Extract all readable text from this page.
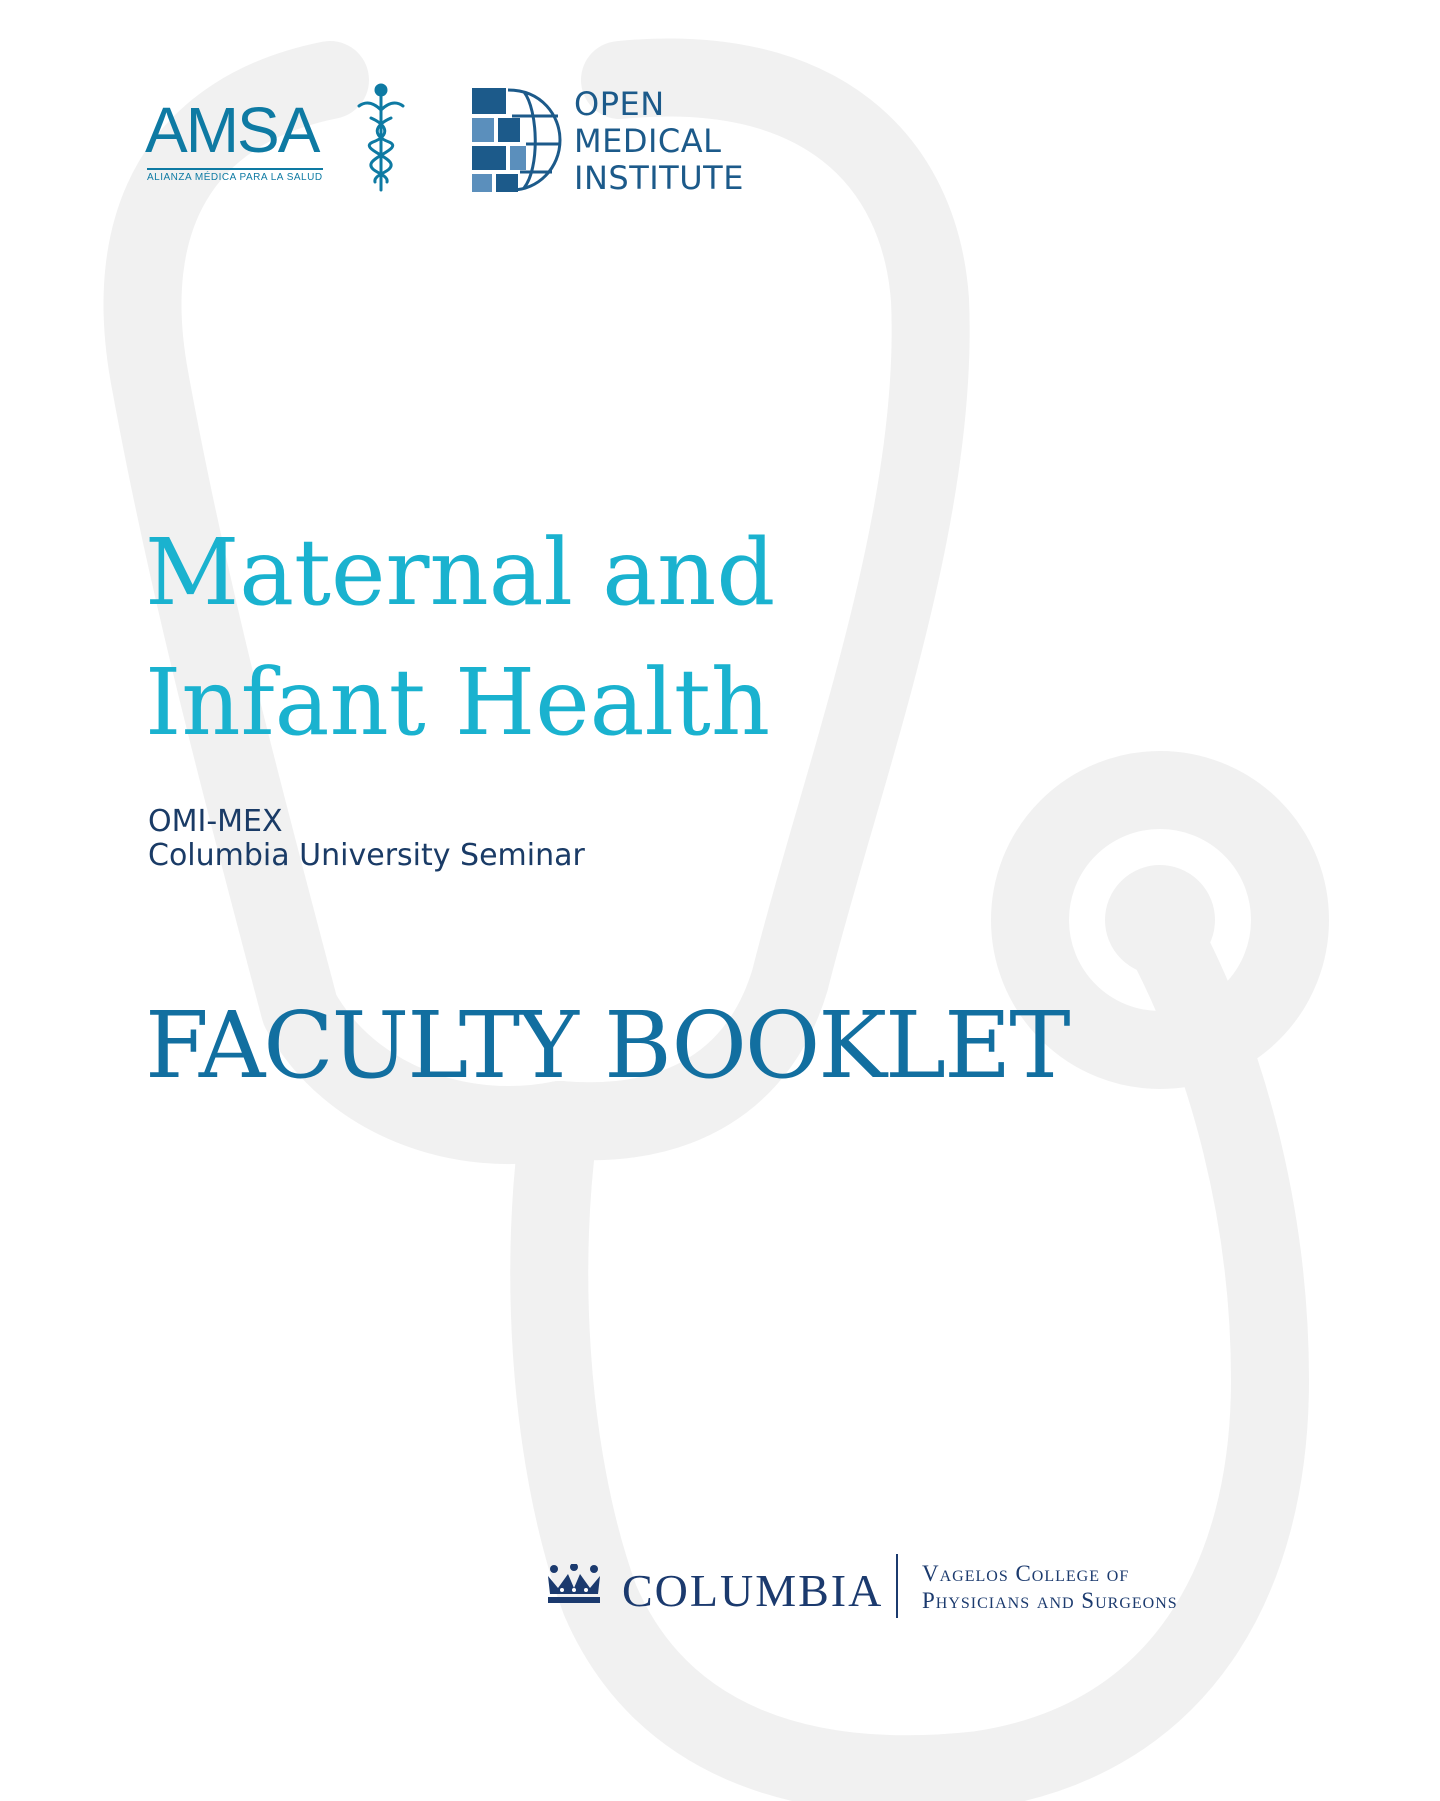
AMSA
ALIANZA MÉDICA PARA LA SALUD
OPEN
MEDICAL
INSTITUTE
Maternal and
Infant Health
OMI-MEX
Columbia University Seminar
FACULTY BOOKLET
COLUMBIA Vagelos College of
Physicians and Surgeons
